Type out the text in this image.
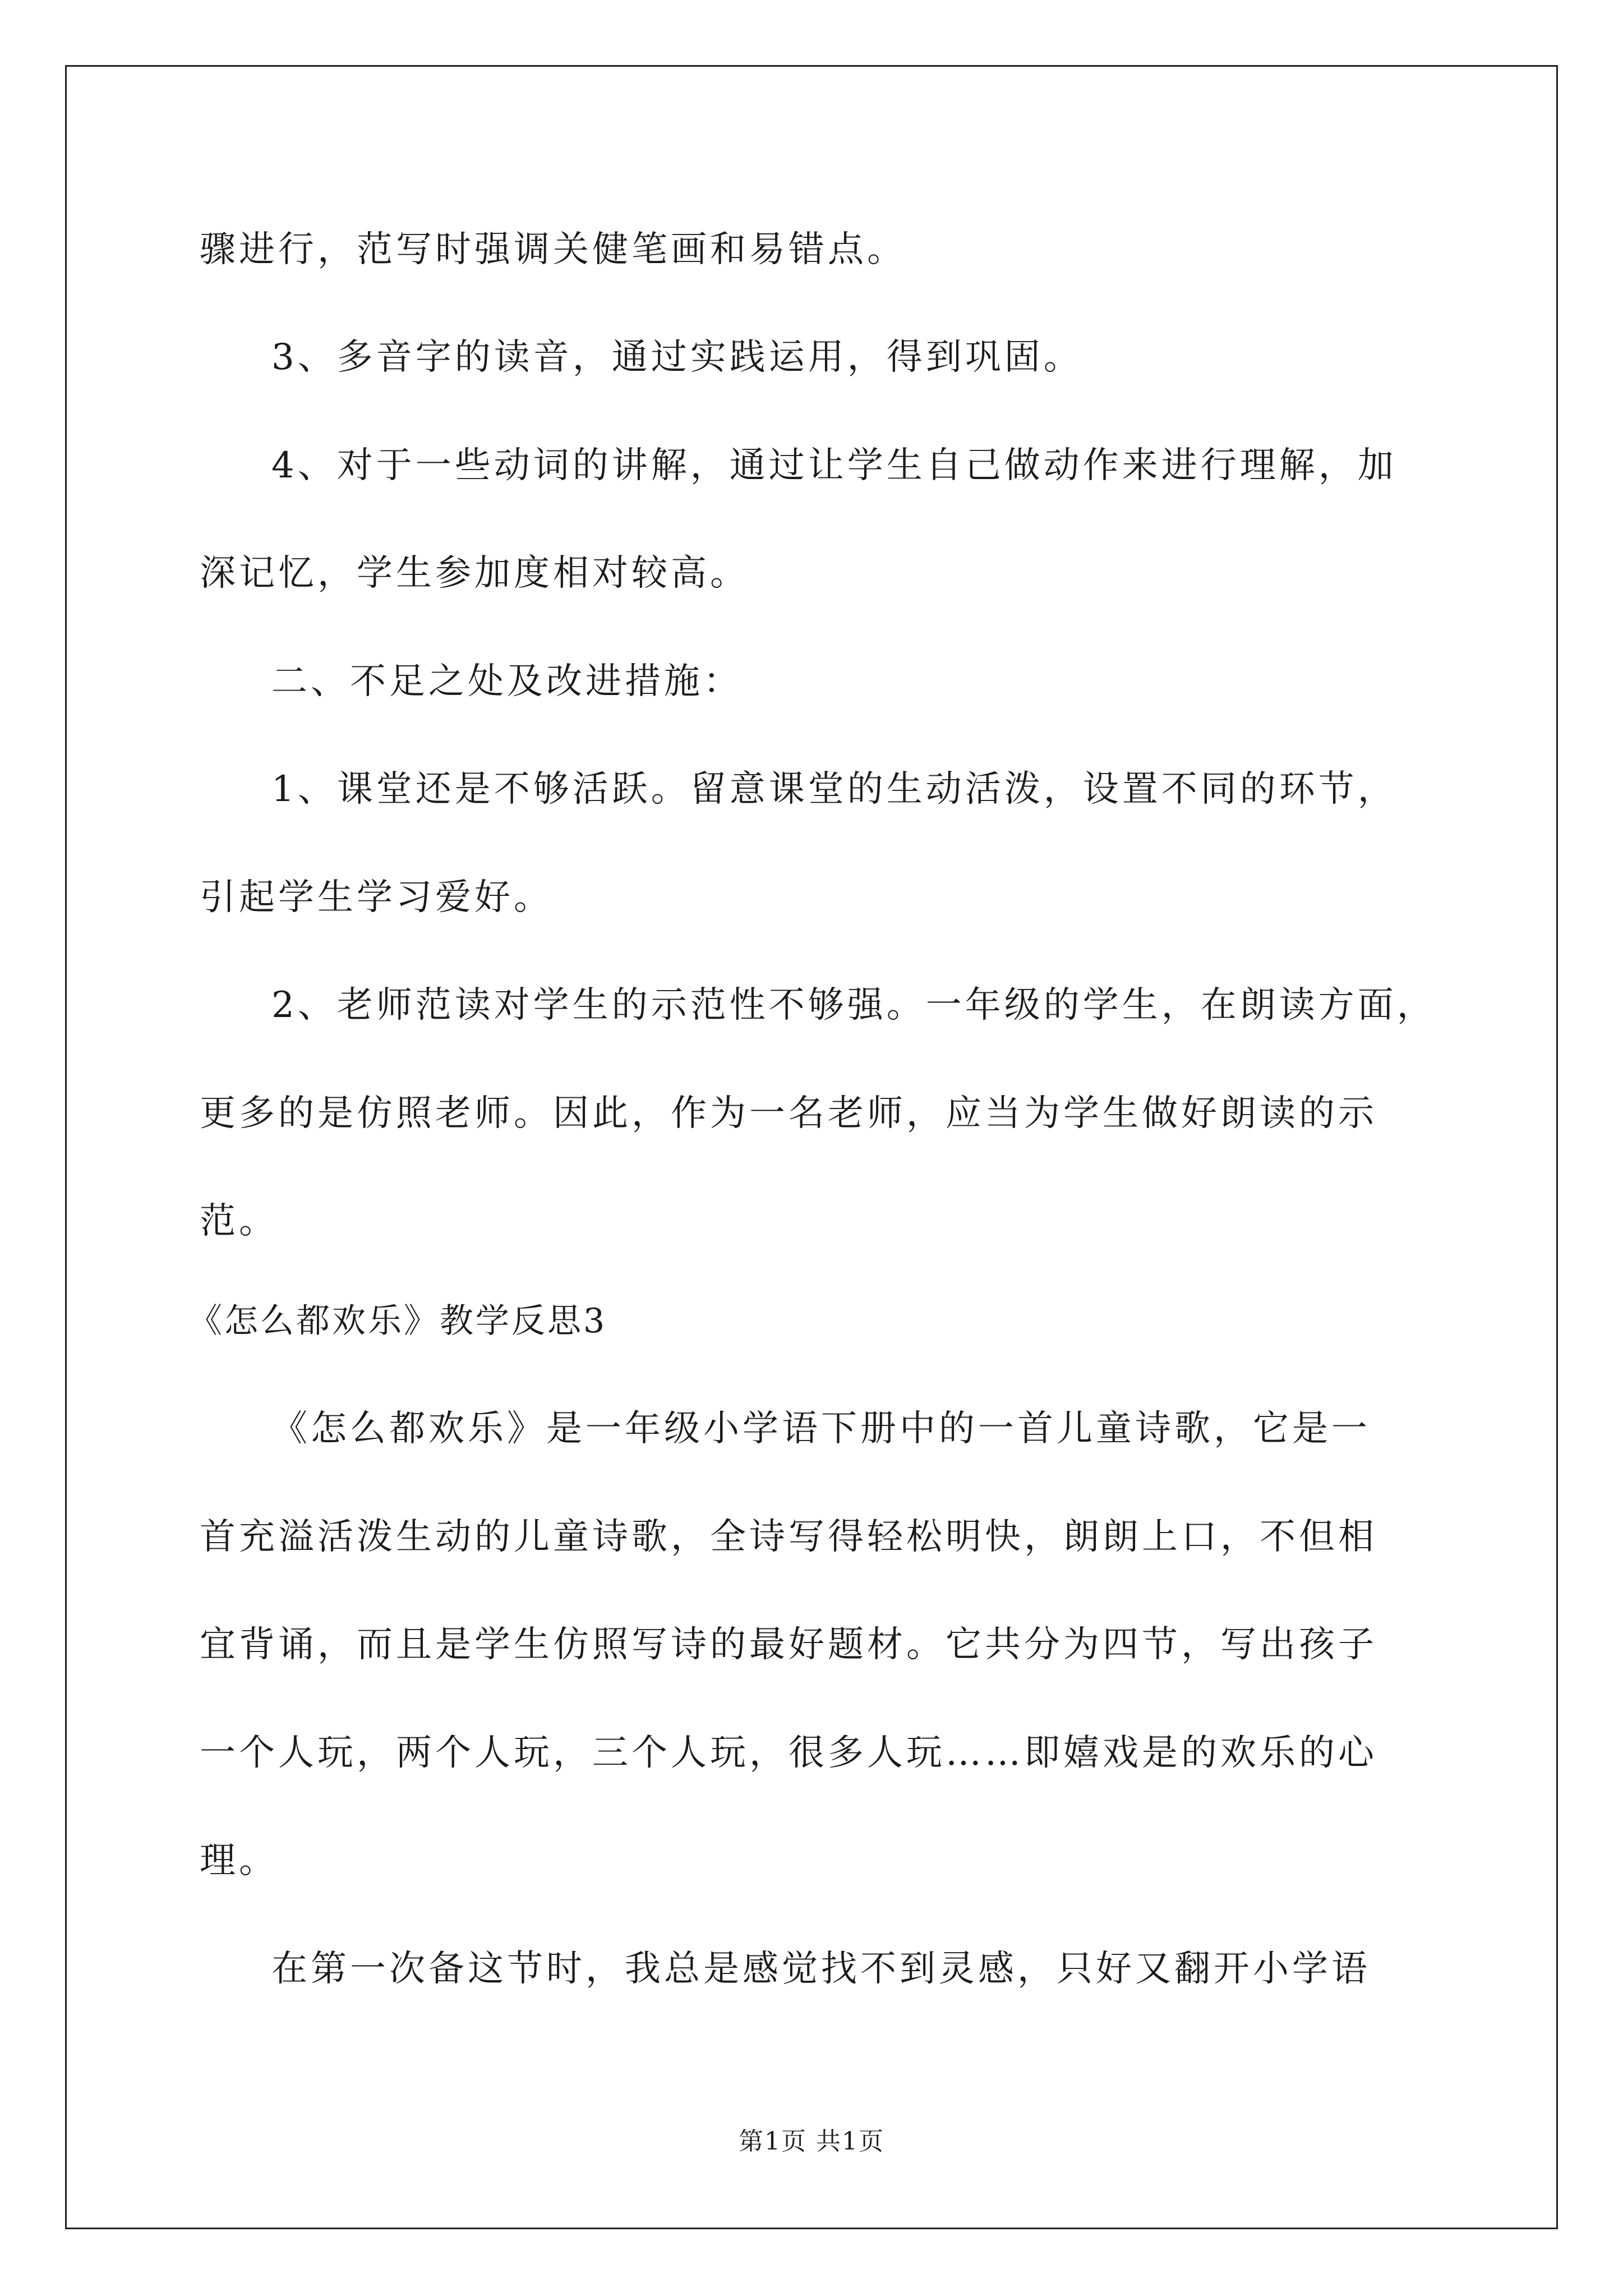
骤进行，范写时强调关健笔画和易错点。
3、多音字的读音，通过实践运用，得到巩固。
4、对于一些动词的讲解，通过让学生自己做动作来进行理解，加
深记忆，学生参加度相对较高。
二、不足之处及改进措施：
1、课堂还是不够活跃。留意课堂的生动活泼，设置不同的环节，
引起学生学习爱好。
2、老师范读对学生的示范性不够强。一年级的学生，在朗读方面，
更多的是仿照老师。因此，作为一名老师，应当为学生做好朗读的示
范。
《怎么都欢乐》教学反思3
《怎么都欢乐》是一年级小学语下册中的一首儿童诗歌，它是一
首充溢活泼生动的儿童诗歌，全诗写得轻松明快，朗朗上口，不但相
宜背诵，而且是学生仿照写诗的最好题材。它共分为四节，写出孩子
一个人玩，两个人玩，三个人玩，很多人玩……即嬉戏是的欢乐的心
理。
在第一次备这节时，我总是感觉找不到灵感，只好又翻开小学语
第1页 共1页
